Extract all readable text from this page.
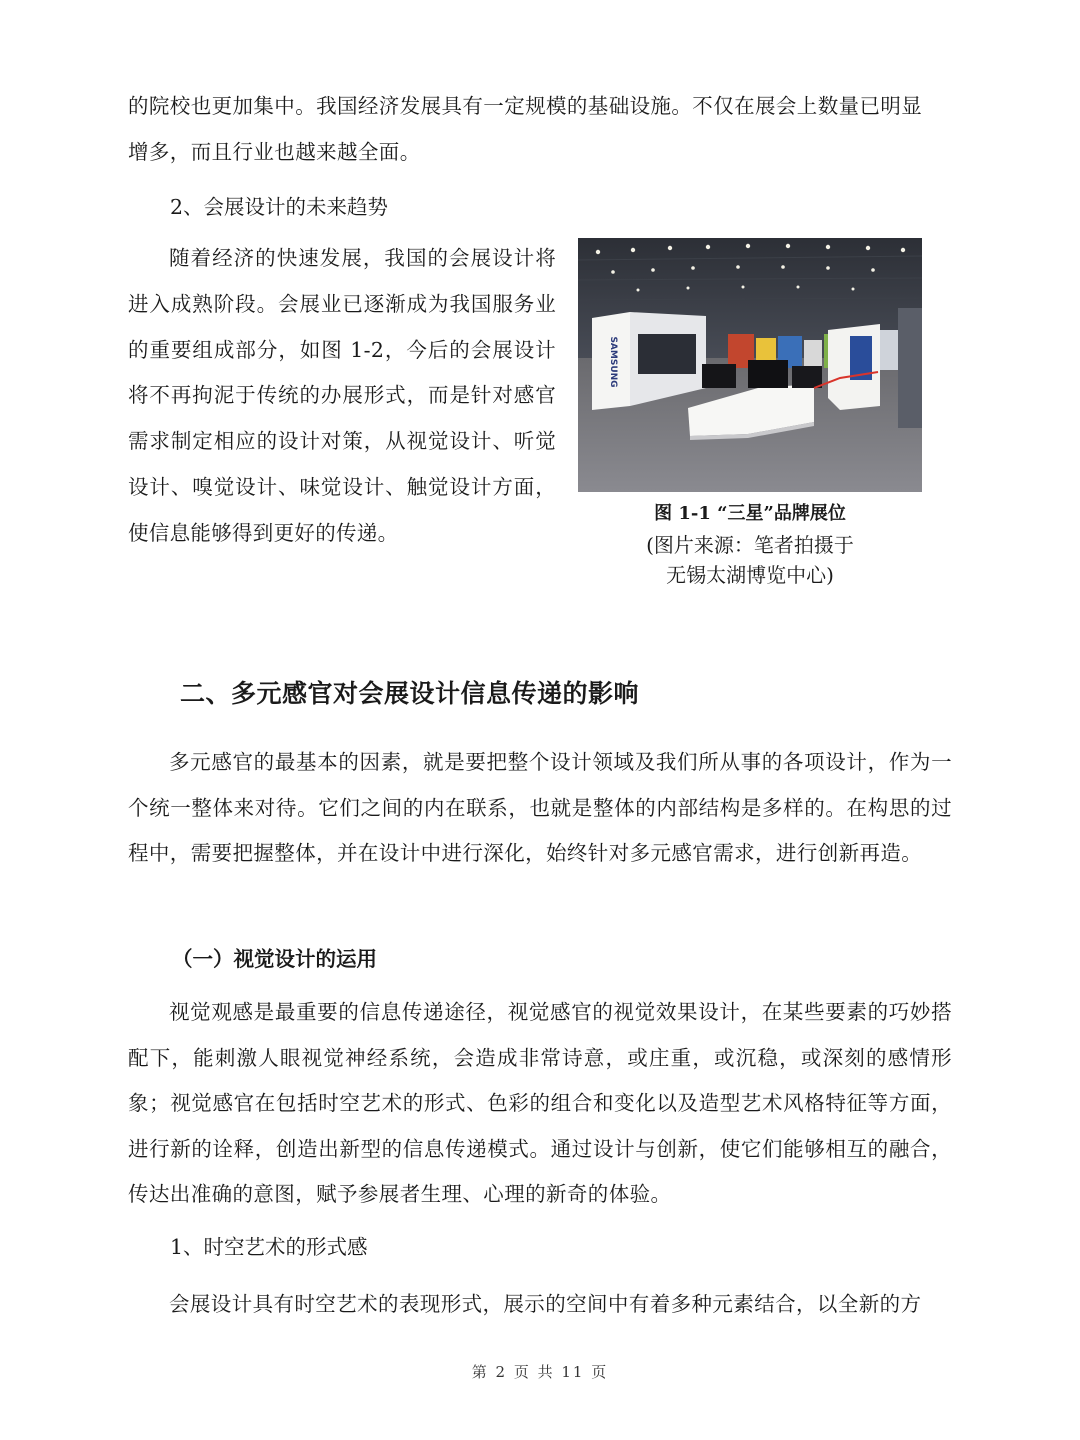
的院校也更加集中。我国经济发展具有一定规模的基础设施。不仅在展会上数量已明显
增多，而且行业也越来越全面。
2、会展设计的未来趋势

随着经济的快速发展，我国的会展设计将进入成熟阶段。会展业已逐渐成为我国服务业的重要组成部分，如图 1-2，今后的会展设计将不再拘泥于传统的办展形式，而是针对感官需求制定相应的设计对策，从视觉设计、听觉设计、嗅觉设计、味觉设计、触觉设计方面，使信息能够得到更好的传递。

SAMSUNG
图 1-1 “三星”品牌展位
(图片来源：笔者拍摄于
无锡太湖博览中心)
二、多元感官对会展设计信息传递的影响

多元感官的最基本的因素，就是要把整个设计领域及我们所从事的各项设计，作为一个统一整体来对待。它们之间的内在联系，也就是整体的内部结构是多样的。在构思的过程中，需要把握整体，并在设计中进行深化，始终针对多元感官需求，进行创新再造。

（一）视觉设计的运用

视觉观感是最重要的信息传递途径，视觉感官的视觉效果设计，在某些要素的巧妙搭配下，能刺激人眼视觉神经系统，会造成非常诗意，或庄重，或沉稳，或深刻的感情形象；视觉感官在包括时空艺术的形式、色彩的组合和变化以及造型艺术风格特征等方面，进行新的诠释，创造出新型的信息传递模式。通过设计与创新，使它们能够相互的融合，传达出准确的意图，赋予参展者生理、心理的新奇的体验。

1、时空艺术的形式感

会展设计具有时空艺术的表现形式，展示的空间中有着多种元素结合，以全新的方

第 2 页 共 11 页
